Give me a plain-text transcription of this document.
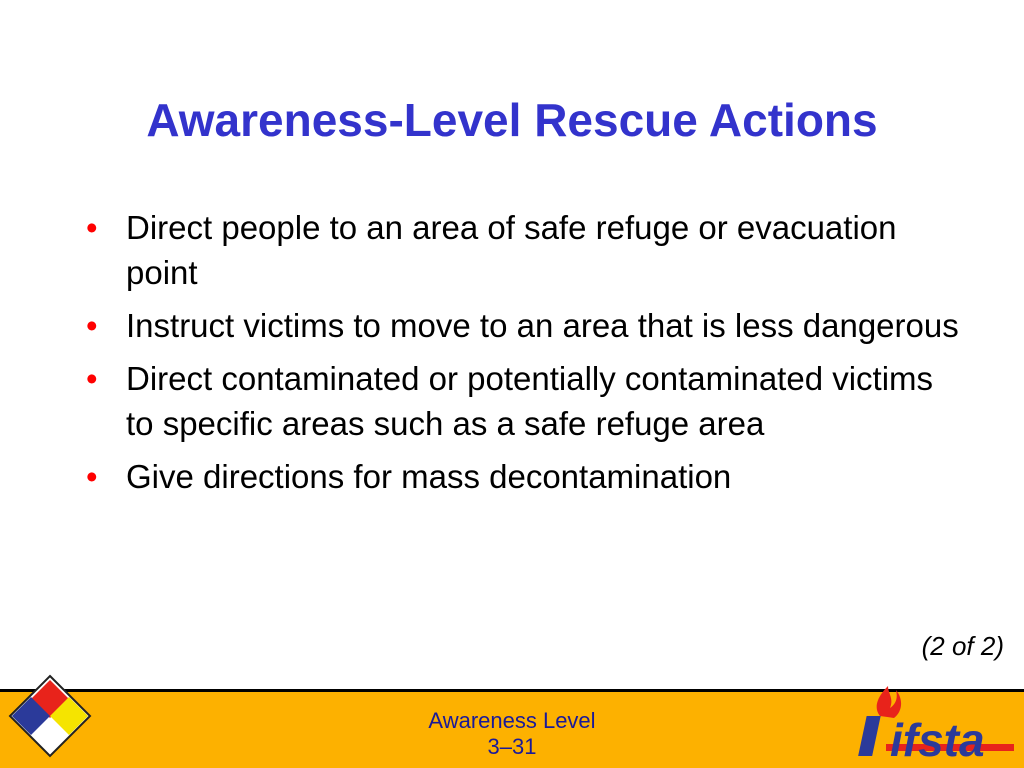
Awareness-Level Rescue Actions
• Direct people to an area of safe refuge or evacuation point
• Instruct victims to move to an area that is less dangerous
• Direct contaminated or potentially contaminated victims to specific areas such as a safe refuge area
• Give directions for mass decontamination
(2 of 2)
Awareness Level
3–31	ifsta
